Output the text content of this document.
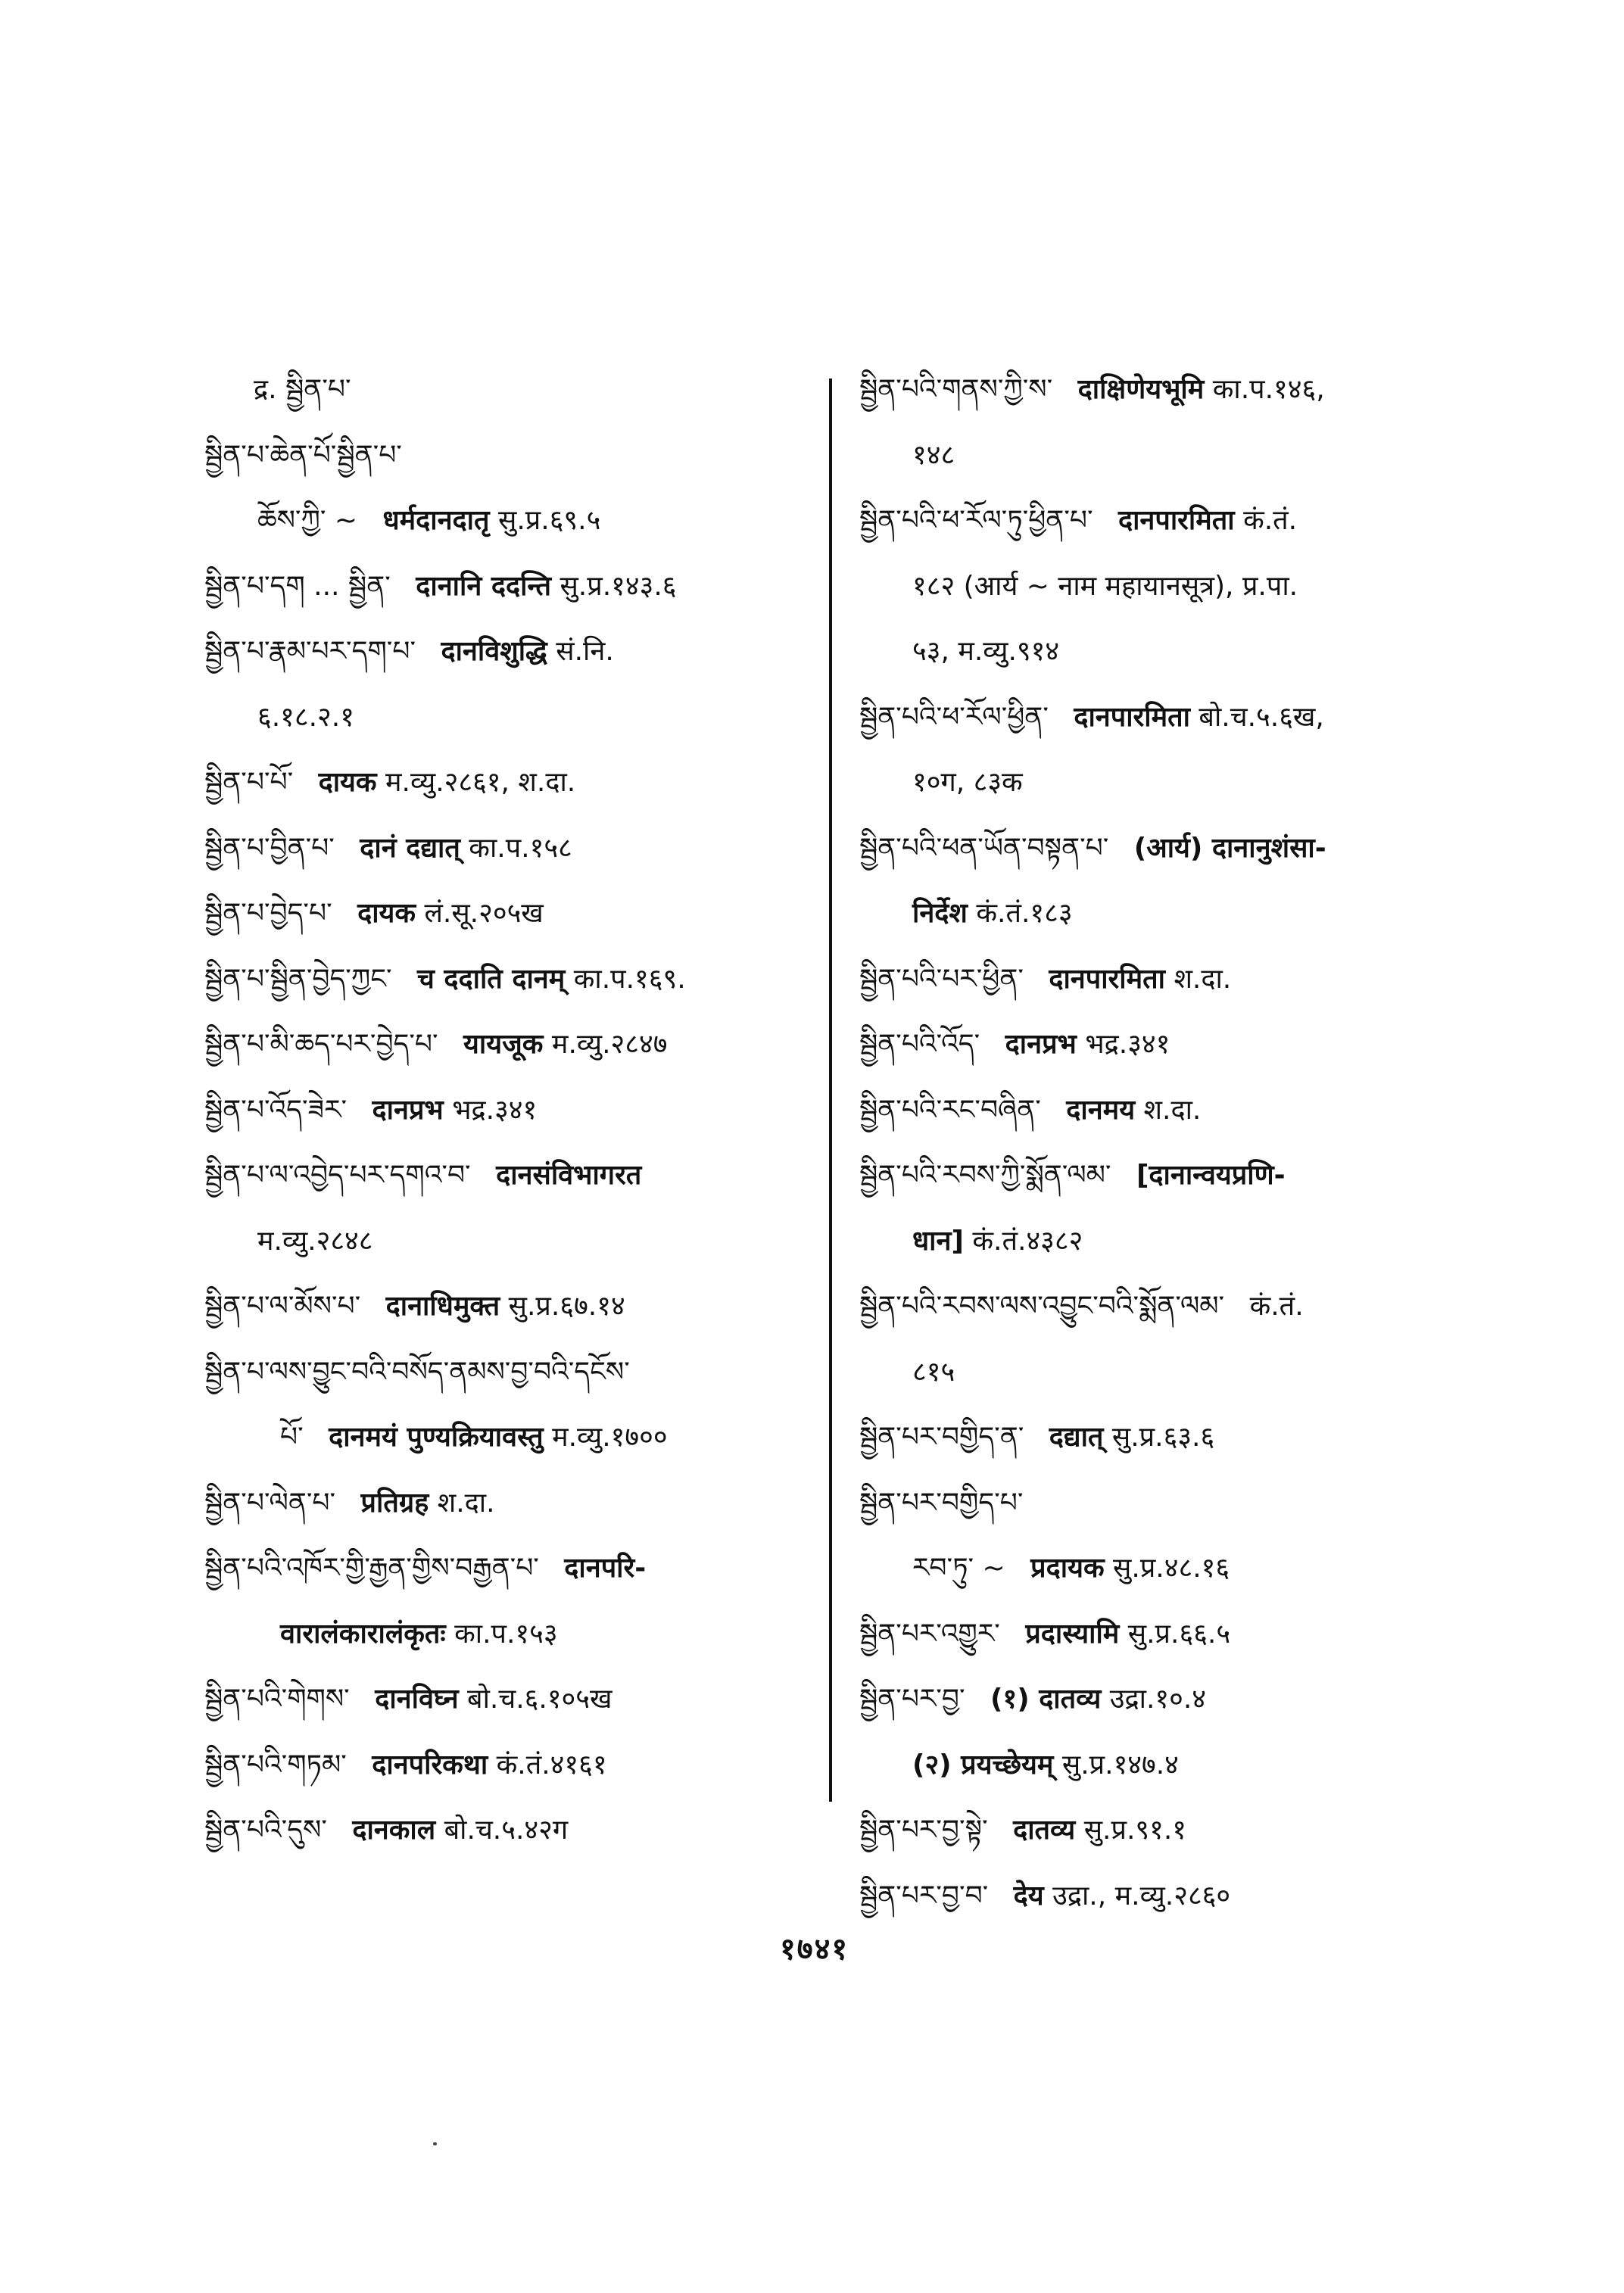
द्र. སྦྱིན་པ་
སྦྱིན་པ་ཆེན་པོ་སྦྱིན་པ་
ཆོས་ཀྱི་ ~ धर्मदानदातृ सु.प्र.६९.५
སྦྱིན་པ་དག ... སྦྱིན་ दानानि ददन्ति सु.प्र.१४३.६
སྦྱིན་པ་རྣམ་པར་དག་པ་ दानविशुद्धि सं.नि.
६.१८.२.१
སྦྱིན་པ་པོ་ दायक म.व्यु.२८६१, श.दा.
སྦྱིན་པ་བྱིན་པ་ दानं दद्यात् का.प.१५८
སྦྱིན་པ་བྱེད་པ་ दायक लं.सू.२०५ख
སྦྱིན་པ་སྦྱིན་བྱེད་ཀྱང་ च ददाति दानम् का.प.१६९.
སྦྱིན་པ་མི་ཆད་པར་བྱེད་པ་ यायजूक म.व्यु.२८४७
སྦྱིན་པ་འོད་ཟེར་ दानप्रभ भद्र.३४१
སྦྱིན་པ་ལ་འབྱེད་པར་དགའ་བ་ दानसंविभागरत
म.व्यु.२८४८
སྦྱིན་པ་ལ་མོས་པ་ दानाधिमुक्त सु.प्र.६७.१४
སྦྱིན་པ་ལས་བྱུང་བའི་བསོད་ནམས་བྱ་བའི་དངོས་
པོ་ दानमयं पुण्यक्रियावस्तु म.व्यु.१७००
སྦྱིན་པ་ལེན་པ་ प्रतिग्रह श.दा.
སྦྱིན་པའི་འཁོར་གྱི་རྒྱན་གྱིས་བརྒྱན་པ་ दानपरि-
वारालंकारालंकृतः का.प.१५३
སྦྱིན་པའི་གེགས་ दानविघ्न बो.च.६.१०५ख
སྦྱིན་པའི་གཏམ་ दानपरिकथा कं.तं.४१६१
སྦྱིན་པའི་དུས་ दानकाल बो.च.५.४२ग
སྦྱིན་པའི་གནས་ཀྱི་ས་ दाक्षिणेयभूमि का.प.१४६,
१४८
སྦྱིན་པའི་ཕ་རོལ་ཏུ་ཕྱིན་པ་ दानपारमिता कं.तं.
१८२ (आर्य ~ नाम महायानसूत्र), प्र.पा.
५३, म.व्यु.९१४
སྦྱིན་པའི་ཕ་རོལ་ཕྱིན་ दानपारमिता बो.च.५.६ख,
१०ग, ८३क
སྦྱིན་པའི་ཕན་ཡོན་བསྟན་པ་ (आर्य) दानानुशंसा-
निर्देश कं.तं.१८३
སྦྱིན་པའི་པར་ཕྱིན་ दानपारमिता श.दा.
སྦྱིན་པའི་འོད་ दानप्रभ भद्र.३४१
སྦྱིན་པའི་རང་བཞིན་ दानमय श.दा.
སྦྱིན་པའི་རབས་ཀྱི་སྨོན་ལམ་ [दानान्वयप्रणि-
धान] कं.तं.४३८२
སྦྱིན་པའི་རབས་ལས་འབྱུང་བའི་སྨོན་ལམ་ कं.तं.
८१५
སྦྱིན་པར་བགྱིད་ན་ दद्यात् सु.प्र.६३.६
སྦྱིན་པར་བགྱིད་པ་
རབ་ཏུ་ ~ प्रदायक सु.प्र.४८.१६
སྦྱིན་པར་འགྱུར་ प्रदास्यामि सु.प्र.६६.५
སྦྱིན་པར་བྱ་ (१) दातव्य उद्रा.१०.४
(२) प्रयच्छेयम् सु.प्र.१४७.४
སྦྱིན་པར་བྱ་སྟེ་ दातव्य सु.प्र.९१.१
སྦྱིན་པར་བྱ་བ་ देय उद्रा., म.व्यु.२८६०
१७४१
